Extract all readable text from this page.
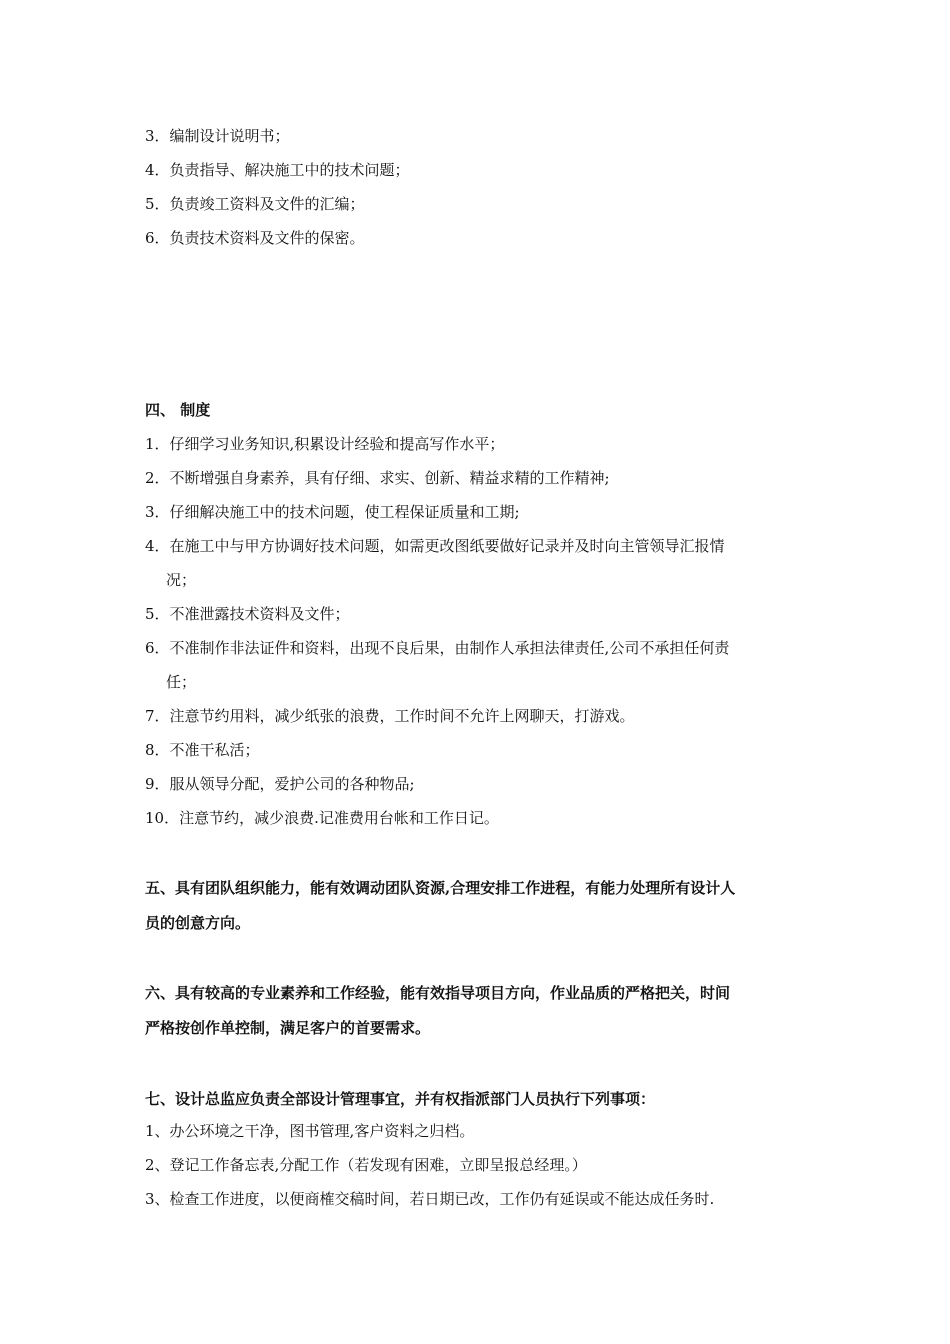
3．编制设计说明书；
4．负责指导、解决施工中的技术问题；
5．负责竣工资料及文件的汇编；
6．负责技术资料及文件的保密。
四、 制度
1．仔细学习业务知识,积累设计经验和提高写作水平；
2．不断增强自身素养，具有仔细、求实、创新、精益求精的工作精神;
3．仔细解决施工中的技术问题，使工程保证质量和工期;
4．在施工中与甲方协调好技术问题，如需更改图纸要做好记录并及时向主管领导汇报情
况；
5．不准泄露技术资料及文件；
6．不准制作非法证件和资料，出现不良后果，由制作人承担法律责任,公司不承担任何责
任；
7．注意节约用料，减少纸张的浪费，工作时间不允许上网聊天，打游戏。
8．不准干私活；
9．服从领导分配，爱护公司的各种物品;
10．注意节约，减少浪费.记准费用台帐和工作日记。
五、具有团队组织能力，能有效调动团队资源,合理安排工作进程，有能力处理所有设计人
员的创意方向。
六、具有较高的专业素养和工作经验，能有效指导项目方向，作业品质的严格把关，时间
严格按创作单控制，满足客户的首要需求。
七、设计总监应负责全部设计管理事宜，并有权指派部门人员执行下列事项：
1、办公环境之干净，图书管理,客户资料之归档。
2、登记工作备忘表,分配工作（若发现有困难，立即呈报总经理。）
3、检查工作进度，以便商榷交稿时间，若日期已改，工作仍有延误或不能达成任务时.
